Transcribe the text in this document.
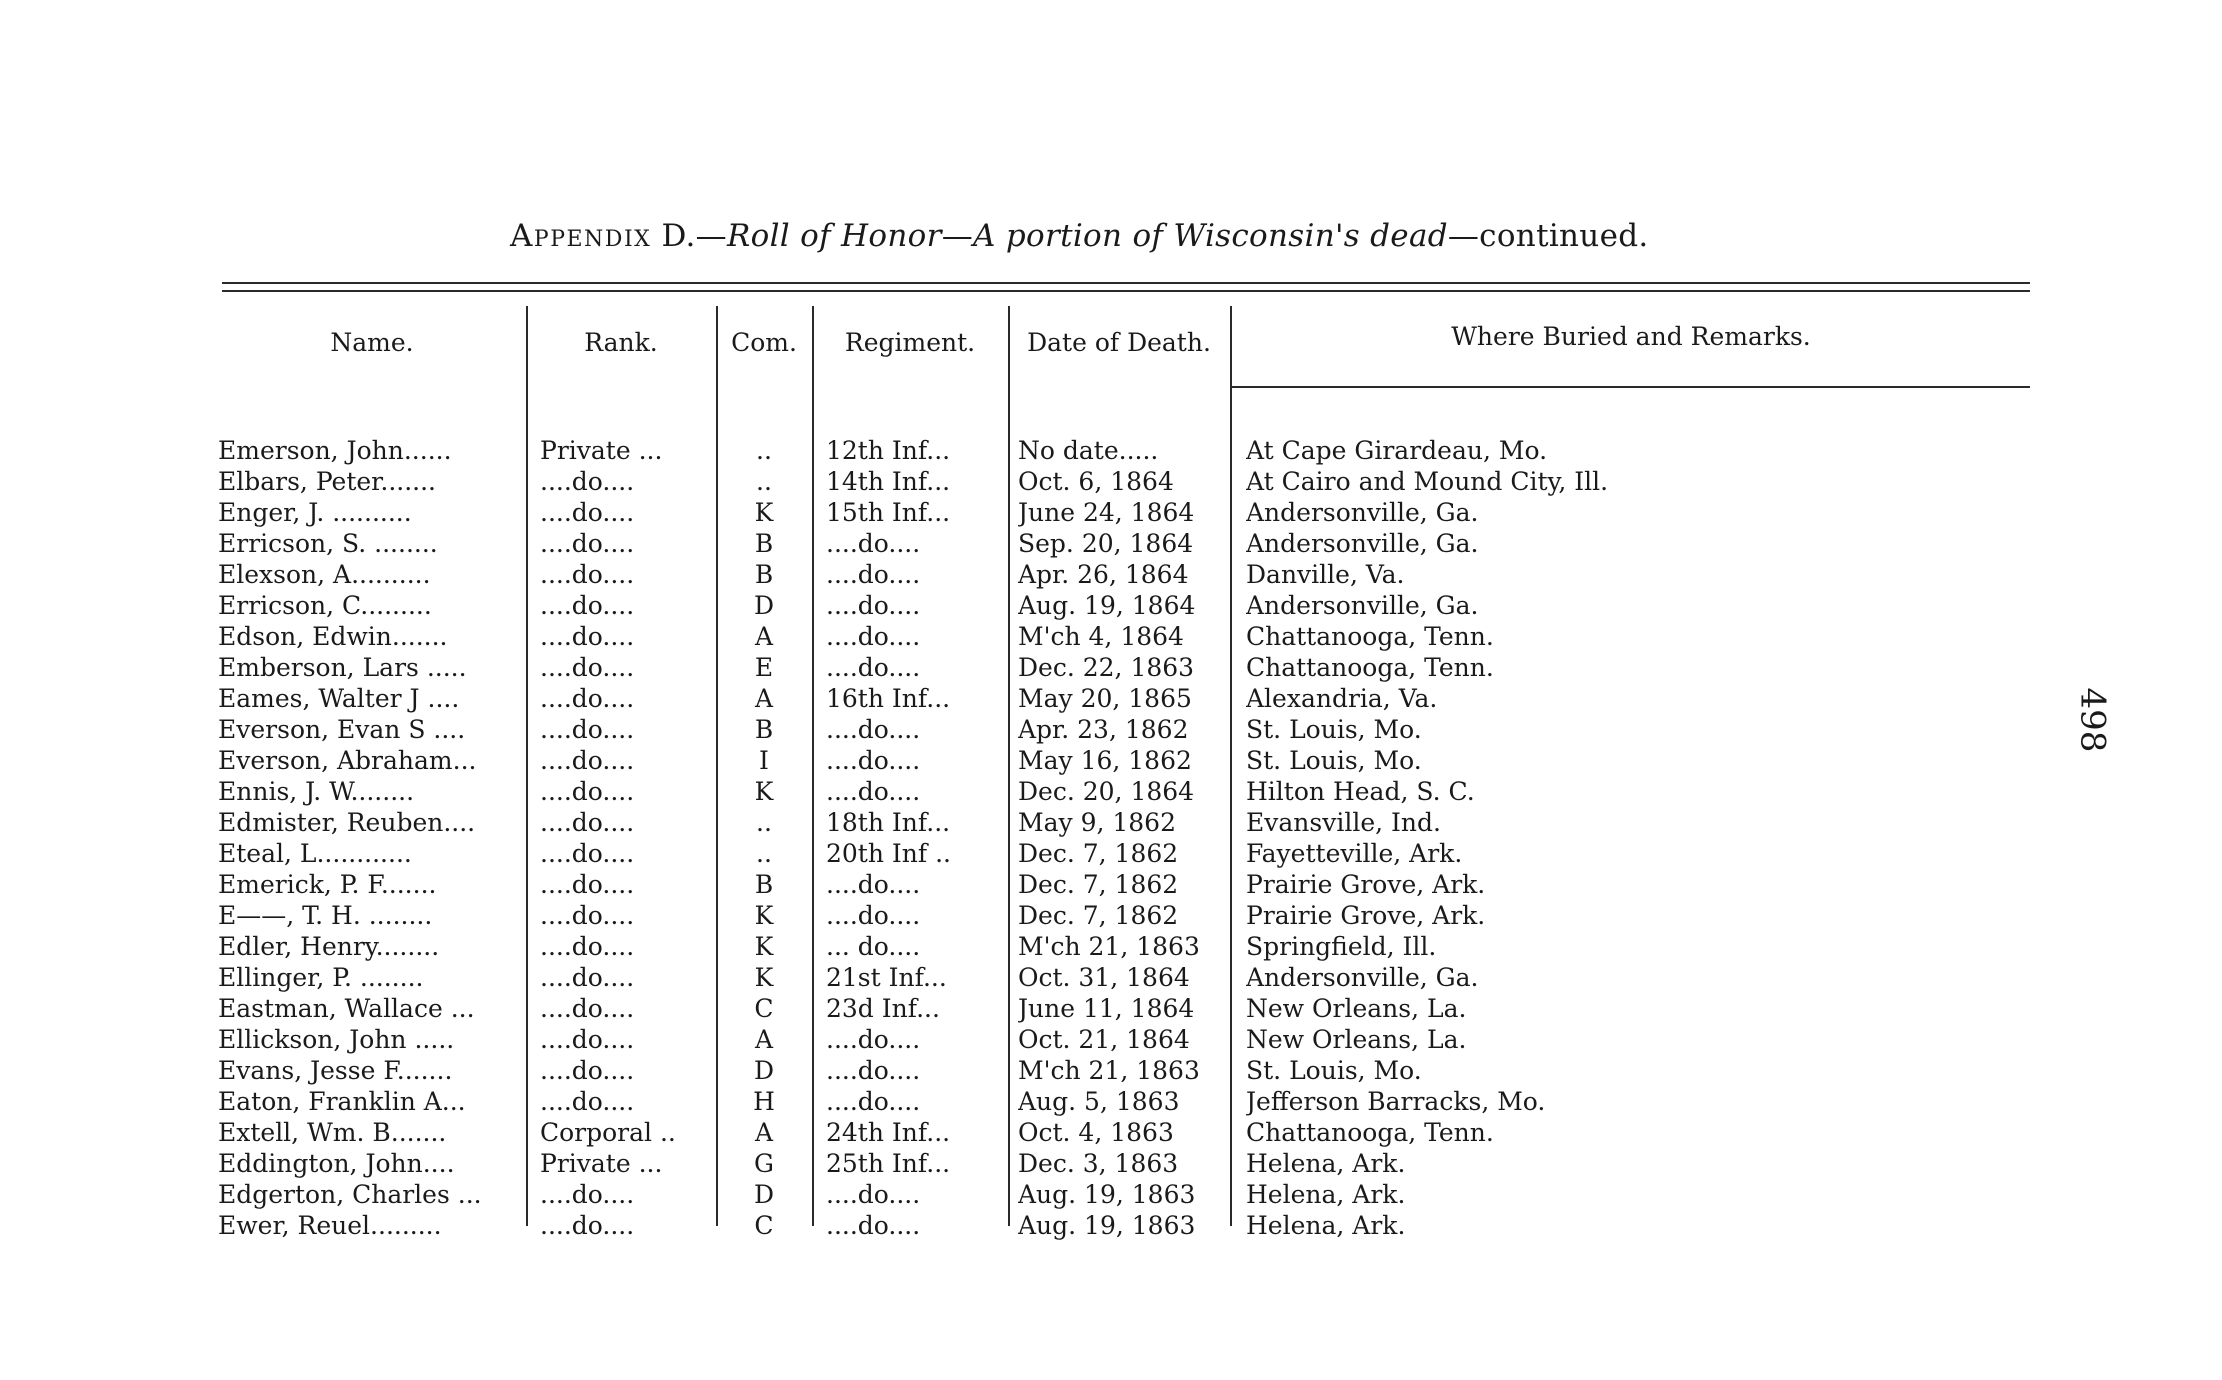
Appendix D.—Roll of Honor—A portion of Wisconsin's dead—continued.
Name.	Rank.	Com.	Regiment.	Date of Death.	Where Buried and Remarks.
Emerson, John......	Private ...	..	12th Inf...	No date.....	At Cape Girardeau, Mo.
Elbars, Peter.......	....do....	..	14th Inf...	Oct. 6, 1864	At Cairo and Mound City, Ill.
Enger, J. ..........	....do....	K	15th Inf...	June 24, 1864	Andersonville, Ga.
Erricson, S. ........	....do....	B	....do....	Sep. 20, 1864	Andersonville, Ga.
Elexson, A..........	....do....	B	....do....	Apr. 26, 1864	Danville, Va.
Erricson, C.........	....do....	D	....do....	Aug. 19, 1864	Andersonville, Ga.
Edson, Edwin.......	....do....	A	....do....	M'ch 4, 1864	Chattanooga, Tenn.
Emberson, Lars .....	....do....	E	....do....	Dec. 22, 1863	Chattanooga, Tenn.
Eames, Walter J ....	....do....	A	16th Inf...	May 20, 1865	Alexandria, Va.
Everson, Evan S ....	....do....	B	....do....	Apr. 23, 1862	St. Louis, Mo.
Everson, Abraham...	....do....	I	....do....	May 16, 1862	St. Louis, Mo.
Ennis, J. W........	....do....	K	....do....	Dec. 20, 1864	Hilton Head, S. C.
Edmister, Reuben....	....do....	..	18th Inf...	May 9, 1862	Evansville, Ind.
Eteal, L............	....do....	..	20th Inf ..	Dec. 7, 1862	Fayetteville, Ark.
Emerick, P. F.......	....do....	B	....do....	Dec. 7, 1862	Prairie Grove, Ark.
E——, T. H. ........	....do....	K	....do....	Dec. 7, 1862	Prairie Grove, Ark.
Edler, Henry........	....do....	K	... do....	M'ch 21, 1863	Springfield, Ill.
Ellinger, P. ........	....do....	K	21st Inf...	Oct. 31, 1864	Andersonville, Ga.
Eastman, Wallace ...	....do....	C	23d Inf...	June 11, 1864	New Orleans, La.
Ellickson, John .....	....do....	A	....do....	Oct. 21, 1864	New Orleans, La.
Evans, Jesse F.......	....do....	D	....do....	M'ch 21, 1863	St. Louis, Mo.
Eaton, Franklin A...	....do....	H	....do....	Aug. 5, 1863	Jefferson Barracks, Mo.
Extell, Wm. B.......	Corporal ..	A	24th Inf...	Oct. 4, 1863	Chattanooga, Tenn.
Eddington, John....	Private ...	G	25th Inf...	Dec. 3, 1863	Helena, Ark.
Edgerton, Charles ...	....do....	D	....do....	Aug. 19, 1863	Helena, Ark.
Ewer, Reuel.........	....do....	C	....do....	Aug. 19, 1863	Helena, Ark.
498
